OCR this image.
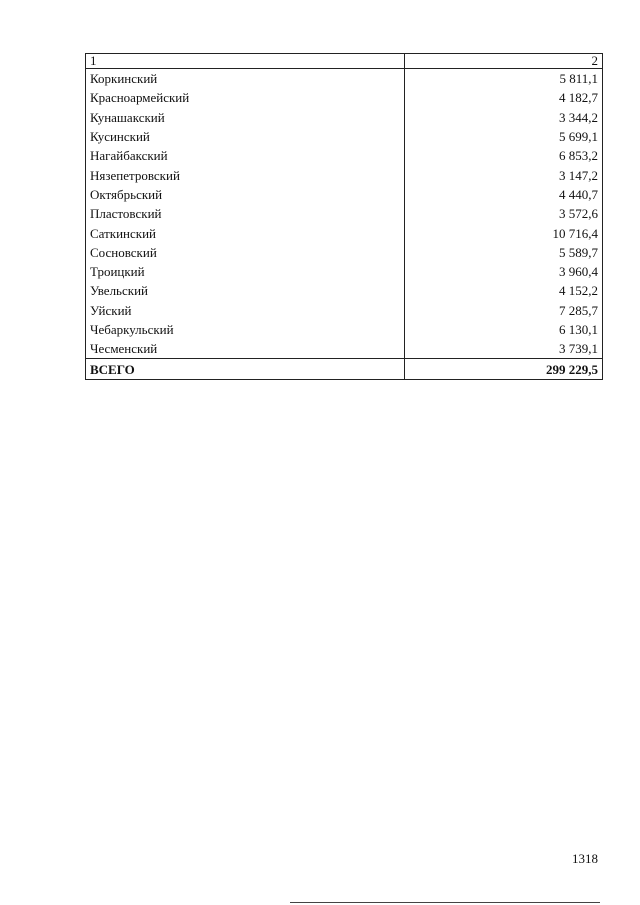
1	2
Коркинский	5 811,1
Красноармейский	4 182,7
Кунашакский	3 344,2
Кусинский	5 699,1
Нагайбакский	6 853,2
Нязепетровский	3 147,2
Октябрьский	4 440,7
Пластовский	3 572,6
Саткинский	10 716,4
Сосновский	5 589,7
Троицкий	3 960,4
Увельский	4 152,2
Уйский	7 285,7
Чебаркульский	6 130,1
Чесменский	3 739,1
ВСЕГО	299 229,5
1318
